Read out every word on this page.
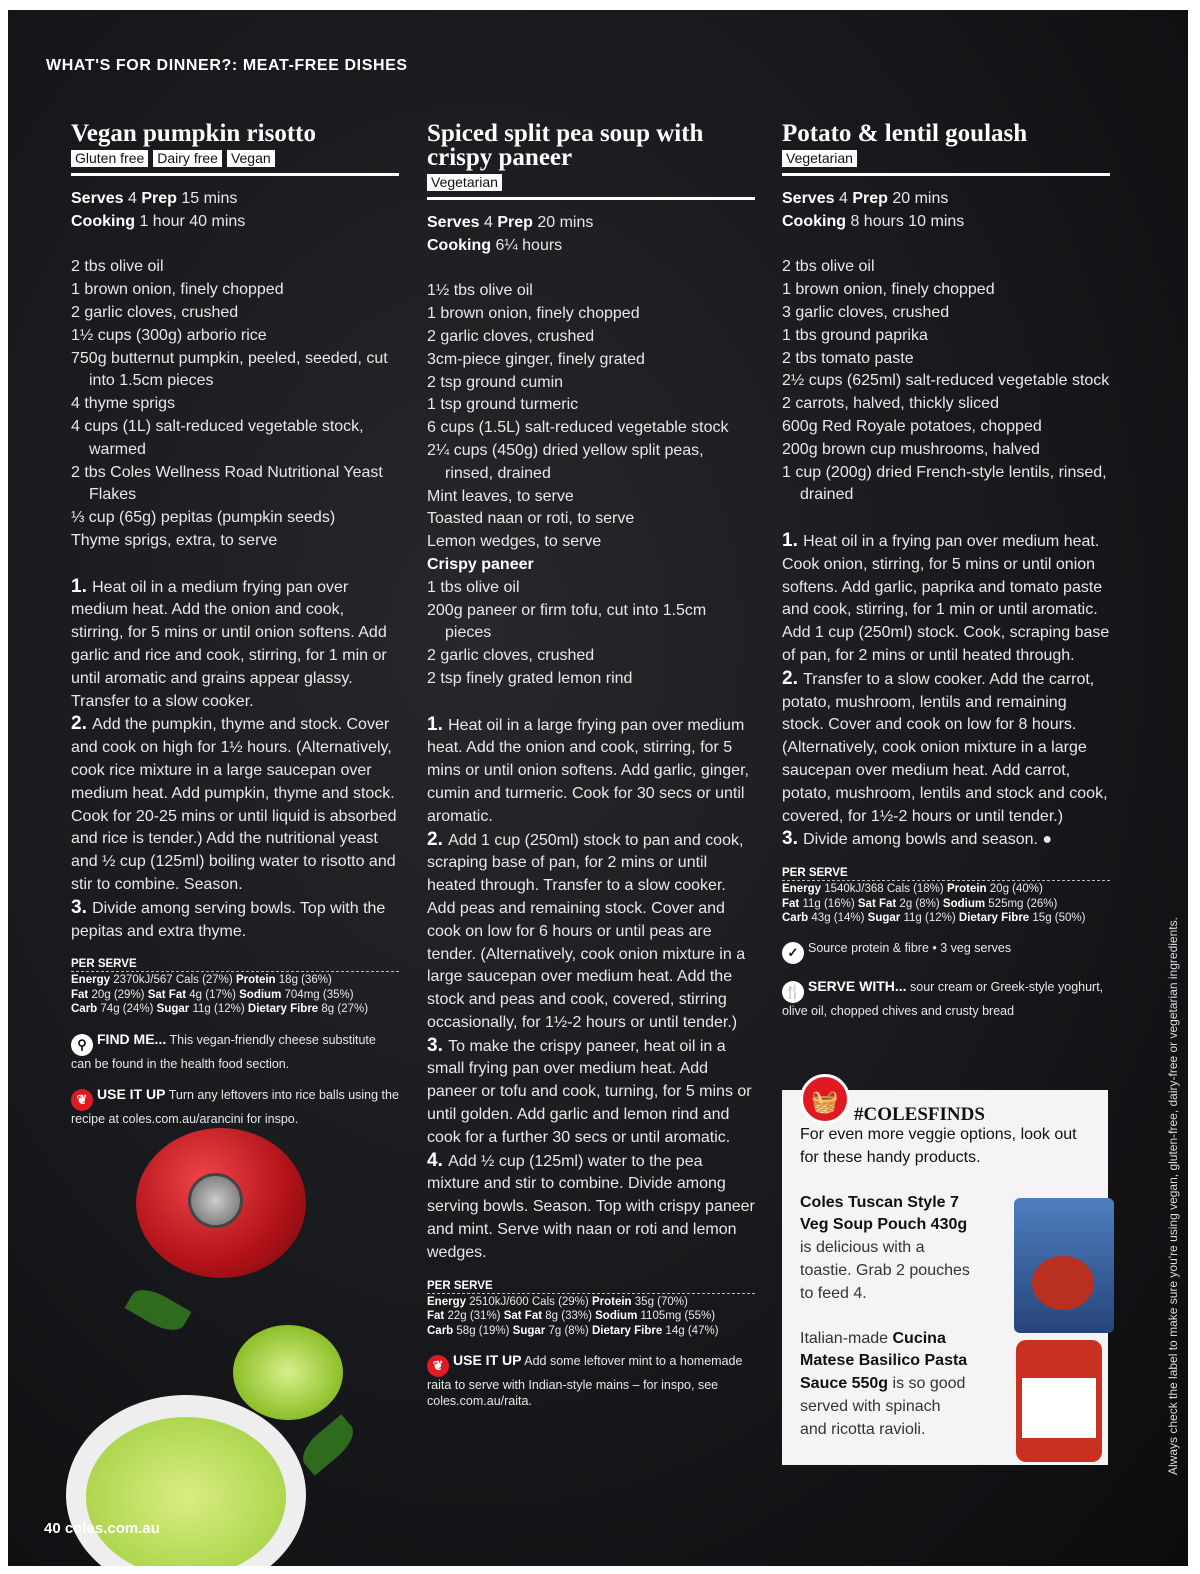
WHAT'S FOR DINNER?: MEAT-FREE DISHES
Vegan pumpkin risotto
Gluten free Dairy free Vegan
Serves 4 Prep 15 mins
Cooking 1 hour 40 mins
2 tbs olive oil
1 brown onion, finely chopped
2 garlic cloves, crushed
1½ cups (300g) arborio rice
750g butternut pumpkin, peeled, seeded, cut into 1.5cm pieces
4 thyme sprigs
4 cups (1L) salt-reduced vegetable stock, warmed
2 tbs Coles Wellness Road Nutritional Yeast Flakes
⅓ cup (65g) pepitas (pumpkin seeds)
Thyme sprigs, extra, to serve
1. Heat oil in a medium frying pan over medium heat. Add the onion and cook, stirring, for 5 mins or until onion softens. Add garlic and rice and cook, stirring, for 1 min or until aromatic and grains appear glassy. Transfer to a slow cooker.
2. Add the pumpkin, thyme and stock. Cover and cook on high for 1½ hours. (Alternatively, cook rice mixture in a large saucepan over medium heat. Add pumpkin, thyme and stock. Cook for 20-25 mins or until liquid is absorbed and rice is tender.) Add the nutritional yeast and ½ cup (125ml) boiling water to risotto and stir to combine. Season.
3. Divide among serving bowls. Top with the pepitas and extra thyme.
PER SERVE
Energy 2370kJ/567 Cals (27%) Protein 18g (36%)
Fat 20g (29%) Sat Fat 4g (17%) Sodium 704mg (35%)
Carb 74g (24%) Sugar 11g (12%) Dietary Fibre 8g (27%)
⚲ FIND ME... This vegan-friendly cheese substitute can be found in the health food section.
❦ USE IT UP Turn any leftovers into rice balls using the recipe at coles.com.au/arancini for inspo.
Spiced split pea soup with crispy paneer
Vegetarian
Serves 4 Prep 20 mins
Cooking 6¼ hours
1½ tbs olive oil
1 brown onion, finely chopped
2 garlic cloves, crushed
3cm-piece ginger, finely grated
2 tsp ground cumin
1 tsp ground turmeric
6 cups (1.5L) salt-reduced vegetable stock
2¼ cups (450g) dried yellow split peas, rinsed, drained
Mint leaves, to serve
Toasted naan or roti, to serve
Lemon wedges, to serve
Crispy paneer
1 tbs olive oil
200g paneer or firm tofu, cut into 1.5cm pieces
2 garlic cloves, crushed
2 tsp finely grated lemon rind
1. Heat oil in a large frying pan over medium heat. Add the onion and cook, stirring, for 5 mins or until onion softens. Add garlic, ginger, cumin and turmeric. Cook for 30 secs or until aromatic.
2. Add 1 cup (250ml) stock to pan and cook, scraping base of pan, for 2 mins or until heated through. Transfer to a slow cooker. Add peas and remaining stock. Cover and cook on low for 6 hours or until peas are tender. (Alternatively, cook onion mixture in a large saucepan over medium heat. Add the stock and peas and cook, covered, stirring occasionally, for 1½-2 hours or until tender.)
3. To make the crispy paneer, heat oil in a small frying pan over medium heat. Add paneer or tofu and cook, turning, for 5 mins or until golden. Add garlic and lemon rind and cook for a further 30 secs or until aromatic.
4. Add ½ cup (125ml) water to the pea mixture and stir to combine. Divide among serving bowls. Season. Top with crispy paneer and mint. Serve with naan or roti and lemon wedges.
PER SERVE
Energy 2510kJ/600 Cals (29%) Protein 35g (70%)
Fat 22g (31%) Sat Fat 8g (33%) Sodium 1105mg (55%)
Carb 58g (19%) Sugar 7g (8%) Dietary Fibre 14g (47%)
❦ USE IT UP Add some leftover mint to a homemade raita to serve with Indian-style mains – for inspo, see coles.com.au/raita.
Potato & lentil goulash
Vegetarian
Serves 4 Prep 20 mins
Cooking 8 hours 10 mins
2 tbs olive oil
1 brown onion, finely chopped
3 garlic cloves, crushed
1 tbs ground paprika
2 tbs tomato paste
2½ cups (625ml) salt-reduced vegetable stock
2 carrots, halved, thickly sliced
600g Red Royale potatoes, chopped
200g brown cup mushrooms, halved
1 cup (200g) dried French-style lentils, rinsed, drained
1. Heat oil in a frying pan over medium heat. Cook onion, stirring, for 5 mins or until onion softens. Add garlic, paprika and tomato paste and cook, stirring, for 1 min or until aromatic. Add 1 cup (250ml) stock. Cook, scraping base of pan, for 2 mins or until heated through.
2. Transfer to a slow cooker. Add the carrot, potato, mushroom, lentils and remaining stock. Cover and cook on low for 8 hours. (Alternatively, cook onion mixture in a large saucepan over medium heat. Add carrot, potato, mushroom, lentils and stock and cook, covered, for 1½-2 hours or until tender.)
3. Divide among bowls and season. ●
PER SERVE
Energy 1540kJ/368 Cals (18%) Protein 20g (40%)
Fat 11g (16%) Sat Fat 2g (8%) Sodium 525mg (26%)
Carb 43g (14%) Sugar 11g (12%) Dietary Fibre 15g (50%)
✓ Source protein & fibre • 3 veg serves
🍴 SERVE WITH... sour cream or Greek-style yoghurt, olive oil, chopped chives and crusty bread
🧺
#COLESFINDS
For even more veggie options, look out for these handy products.
Coles Tuscan Style 7 Veg Soup Pouch 430g is delicious with a toastie. Grab 2 pouches to feed 4.
Italian-made Cucina Matese Basilico Pasta Sauce 550g is so good served with spinach and ricotta ravioli.	Always check the label to make sure you're using vegan, gluten-free, dairy-free or vegetarian ingredients.
40 coles.com.au
